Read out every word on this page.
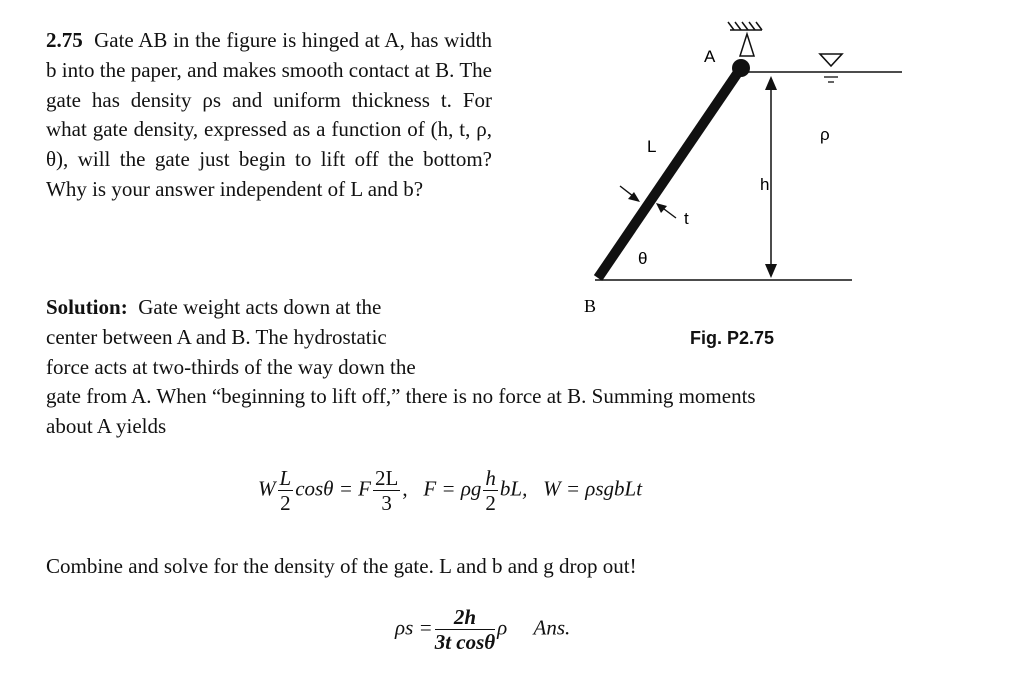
2.75 Gate AB in the figure is hinged at A, has width b into the paper, and makes smooth contact at B. The gate has density ρs and uniform thickness t. For what gate density, expressed as a function of (h, t, ρ, θ), will the gate just begin to lift off the bottom? Why is your answer independent of L and b?
A
L
h
t
θ
ρ
B
Fig. P2.75
Solution: Gate weight acts down at the
center between A and B. The hydrostatic
force acts at two-thirds of the way down the
gate from A. When “beginning to lift off,” there is no force at B. Summing moments
about A yields
W $\frac{L}{2}$ cosθ = F $\frac{2L}{3}$ , F = ρg $\frac{h}{2}$ bL, W = ρsgbLt
Combine and solve for the density of the gate. L and b and g drop out!
$\rho s = \frac{2h}{\text{3t cosθ}}$ ρ Ans.
